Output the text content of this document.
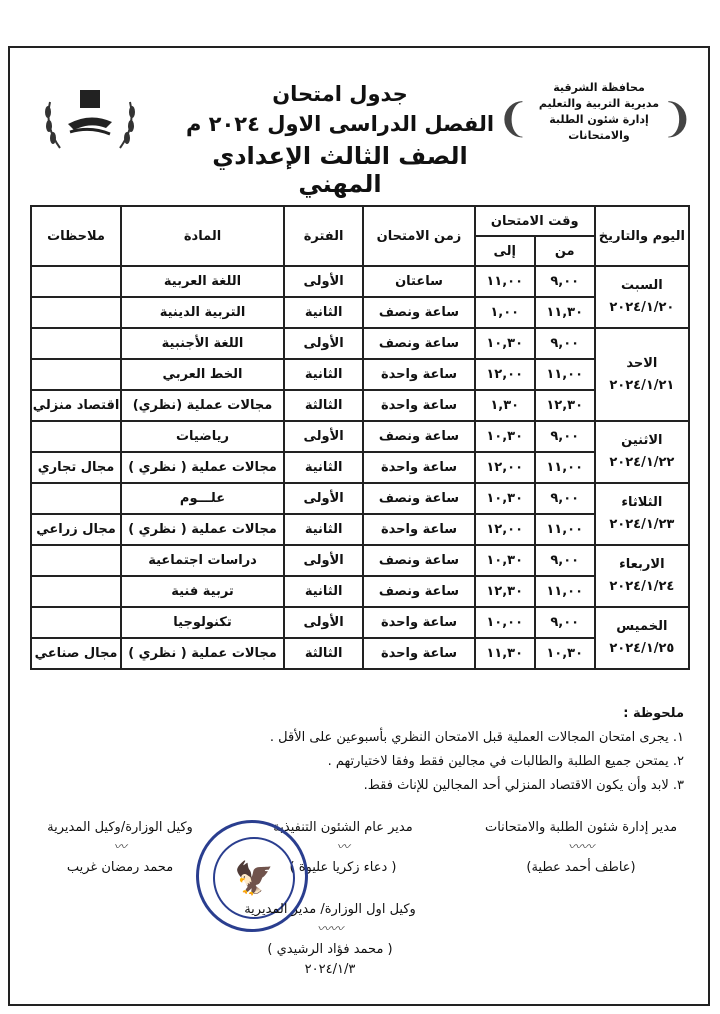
❨
❩
محافظة الشرقية
مديرية التربية والتعليم
إدارة شئون الطلبة والامتحانات
جدول امتحان
الفصل الدراسى الاول ٢٠٢٤ م
الصف الثالث الإعدادي المهني
اليوم والتاريخ	وقت الامتحان		زمن الامتحان	الفترة	المادة	ملاحظات
	من	إلى				

السبت
٢٠٢٤/١/٢٠	٩,٠٠	١١,٠٠	ساعتان	الأولى	اللغة العربية	
	١١,٣٠	١,٠٠	ساعة ونصف	الثانية	التربية الدينية	

الاحد
٢٠٢٤/١/٢١	٩,٠٠	١٠,٣٠	ساعة ونصف	الأولى	اللغة الأجنبية	
	١١,٠٠	١٢,٠٠	ساعة واحدة	الثانية	الخط العربي	
	١٢,٣٠	١,٣٠	ساعة واحدة	الثالثة	مجالات عملية (نظري)	اقتصاد منزلي

الاثنين
٢٠٢٤/١/٢٢	٩,٠٠	١٠,٣٠	ساعة ونصف	الأولى	رياضيات	
	١١,٠٠	١٢,٠٠	ساعة واحدة	الثانية	مجالات عملية ( نظري )	مجال تجاري

الثلاثاء
٢٠٢٤/١/٢٣	٩,٠٠	١٠,٣٠	ساعة ونصف	الأولى	علـــوم	
	١١,٠٠	١٢,٠٠	ساعة واحدة	الثانية	مجالات عملية ( نظري )	مجال زراعي

الاربعاء
٢٠٢٤/١/٢٤	٩,٠٠	١٠,٣٠	ساعة ونصف	الأولى	دراسات اجتماعية	
	١١,٠٠	١٢,٣٠	ساعة ونصف	الثانية	تربية فنية	

الخميس
٢٠٢٤/١/٢٥	٩,٠٠	١٠,٠٠	ساعة واحدة	الأولى	تكنولوجيا	
	١٠,٣٠	١١,٣٠	ساعة واحدة	الثالثة	مجالات عملية ( نظري )	مجال صناعي
ملحوظة :
١. يجرى امتحان المجالات العملية قبل الامتحان النظري بأسبوعين على الأقل .
٢. يمتحن جميع الطلبة والطالبات في مجالين فقط وفقا لاختيارتهم .
٣. لابد وأن يكون الاقتصاد المنزلي أحد المجالين للإناث فقط.
مدير إدارة شئون الطلبة والامتحانات
〰〰
(عاطف أحمد عطية)
مدير عام الشئون التنفيذية
〰
( دعاء زكريا عليوة )
وكيل الوزارة/وكيل المديرية
〰
محمد رمضان غريب	🦅
وكيل اول الوزارة/ مدير المديرية
〰〰
( محمد فؤاد الرشيدي )
٢٠٢٤/١/٣
